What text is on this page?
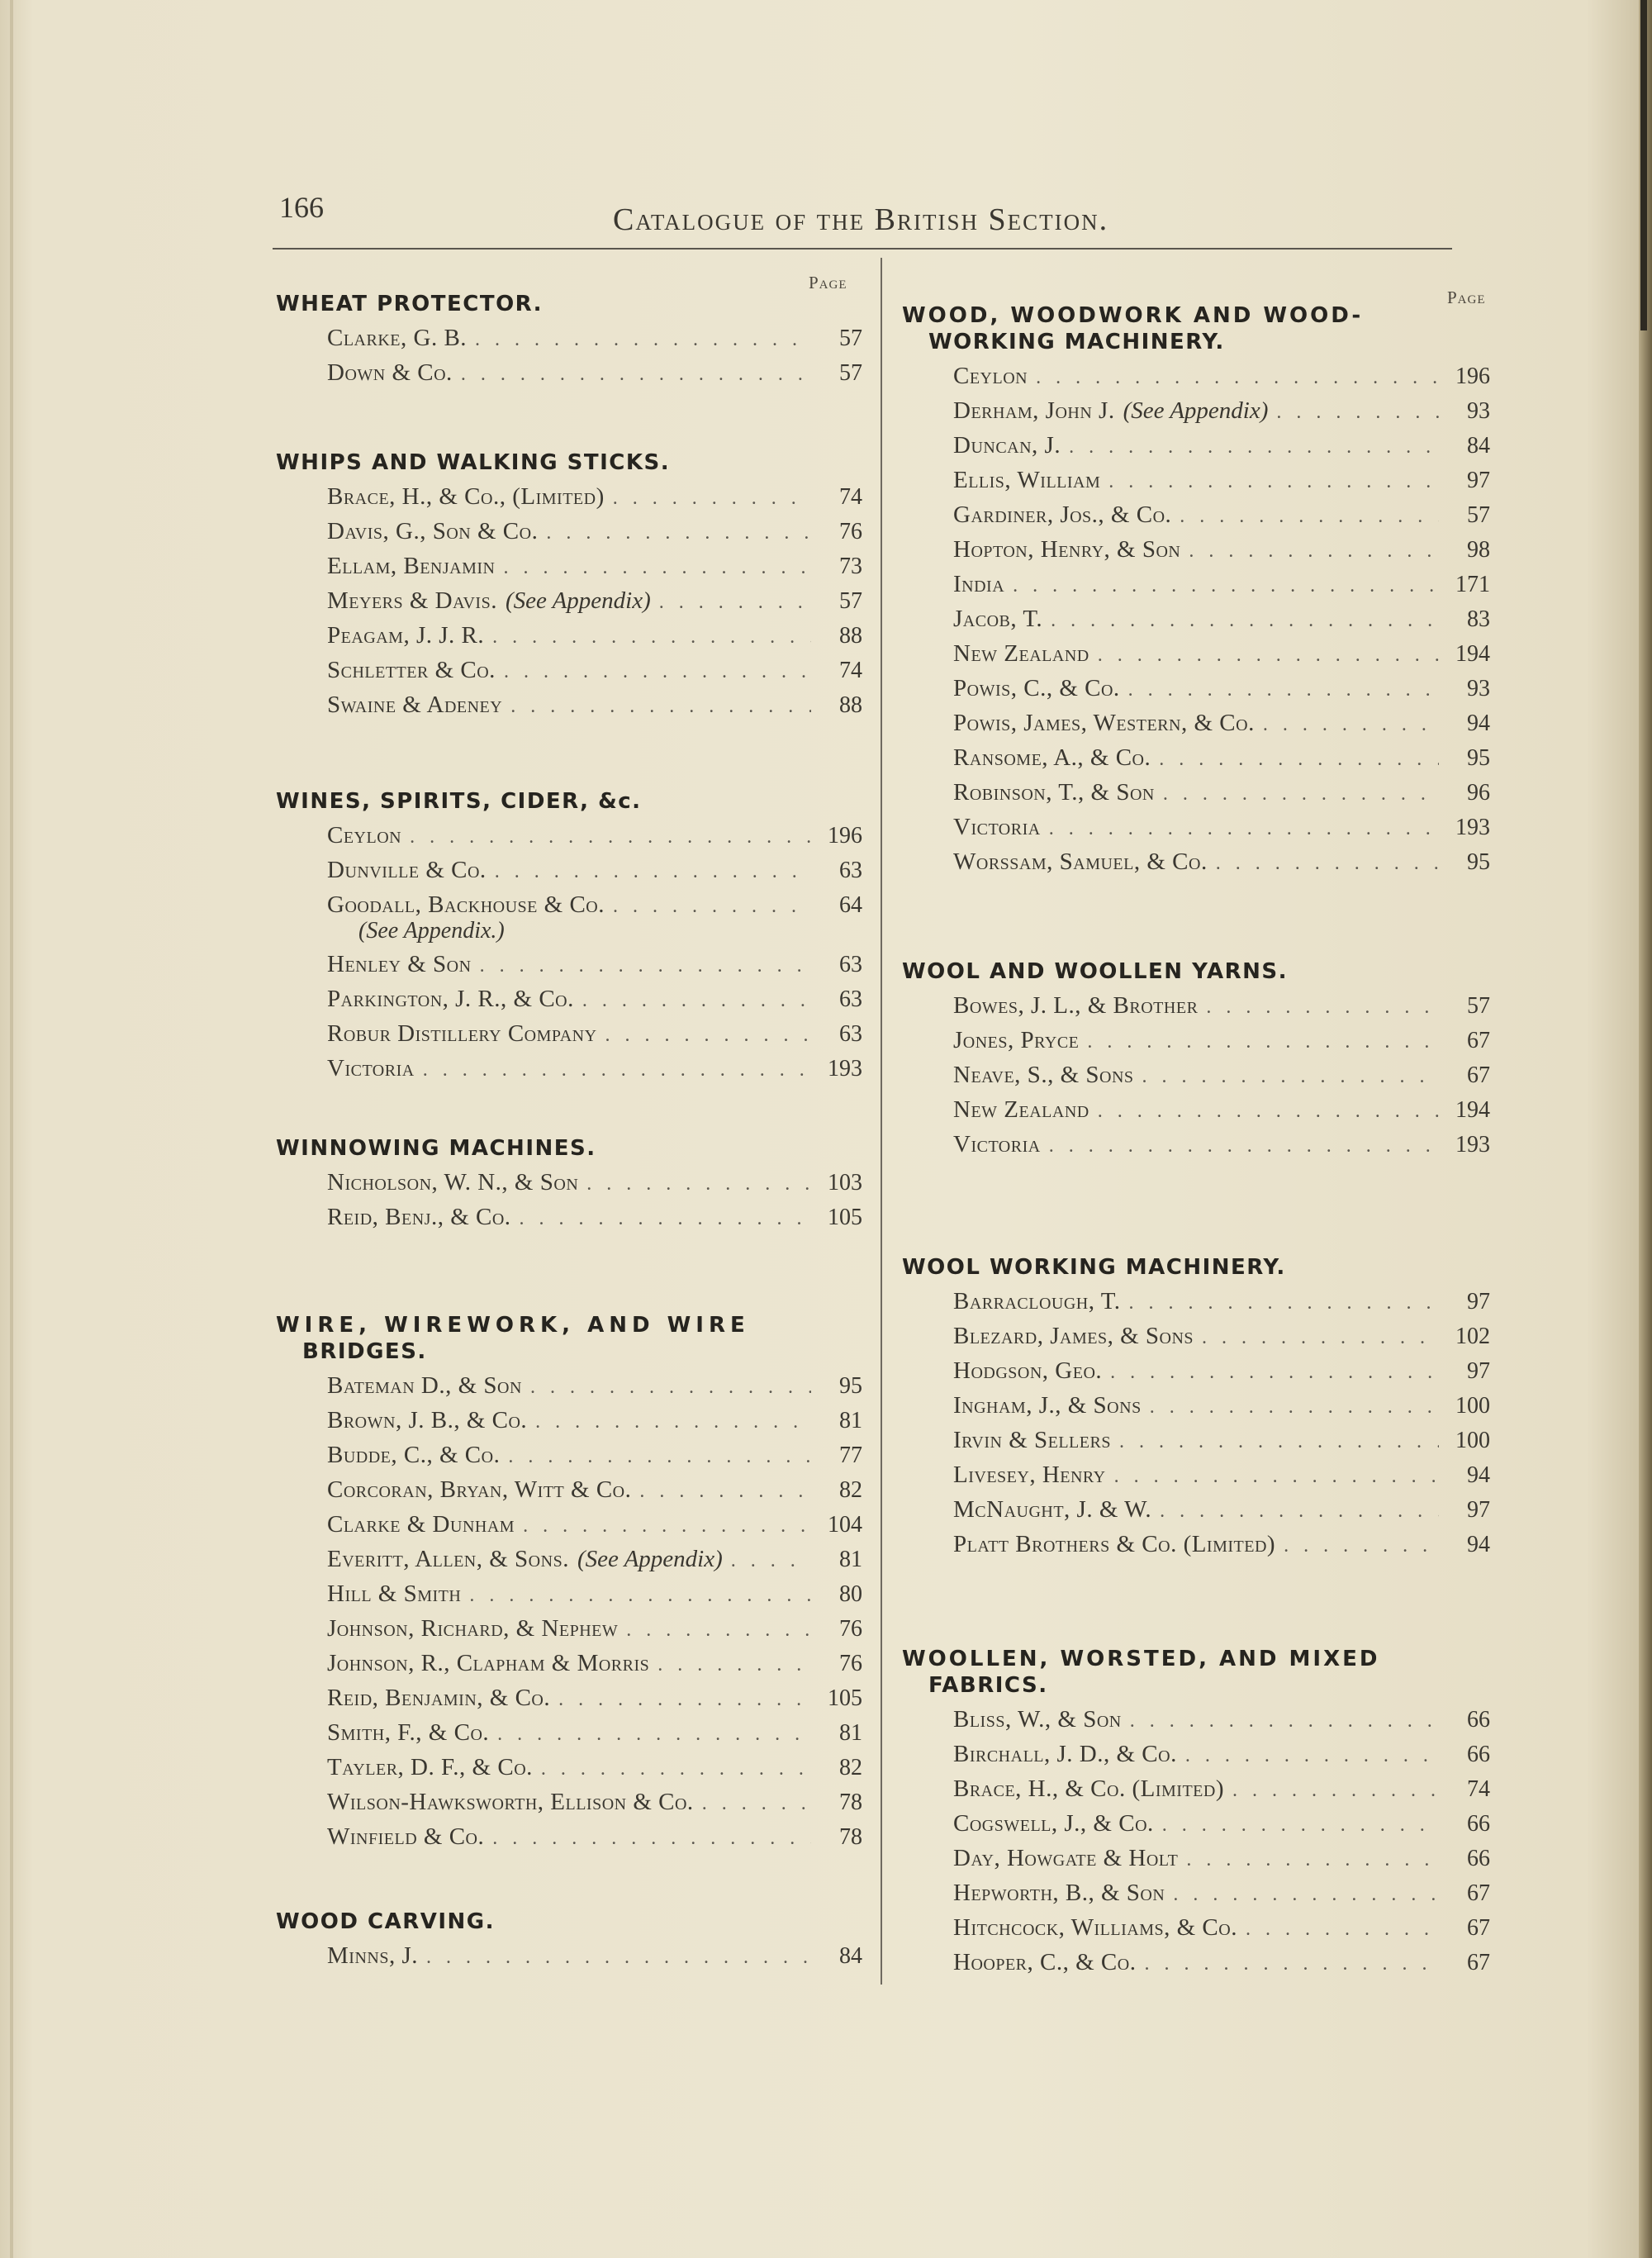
166	Catalogue of the British Section.
Page
WHEAT PROTECTOR.
Clarke, G. B. . . .	57
Down & Co. . . .	57
WHIPS AND WALKING STICKS.
Brace, H., & Co., (Limited) . . .	74
Davis, G., Son & Co. . . .	76
Ellam, Benjamin . . .	73
Meyers & Davis. (See Appendix) . . .	57
Peagam, J. J. R. . . .	88
Schletter & Co. . . .	74
Swaine & Adeney . . .	88
WINES, SPIRITS, CIDER, &c.
Ceylon . . .	196
Dunville & Co. . . .	63
Goodall, Backhouse & Co. . . .	64
(See Appendix.)
Henley & Son . . .	63
Parkington, J. R., & Co. . . .	63
Robur Distillery Company . . .	63
Victoria . . .	193
WINNOWING MACHINES.
Nicholson, W. N., & Son . . .	103
Reid, Benj., & Co. . . .	105
WIRE, WIREWORK, AND WIRE
BRIDGES.
Bateman D., & Son . . .	95
Brown, J. B., & Co. . . .	81
Budde, C., & Co. . . .	77
Corcoran, Bryan, Witt & Co. . . .	82
Clarke & Dunham . . .	104
Everitt, Allen, & Sons. (See Appendix) . . .	81
Hill & Smith . . .	80
Johnson, Richard, & Nephew . . .	76
Johnson, R., Clapham & Morris . . .	76
Reid, Benjamin, & Co. . . .	105
Smith, F., & Co. . . .	81
Tayler, D. F., & Co. . . .	82
Wilson-Hawksworth, Ellison & Co. . . .	78
Winfield & Co. . . .	78
WOOD CARVING.
Minns, J. . . .	84
Page
WOOD, WOODWORK AND WOOD-
WORKING MACHINERY.
Ceylon . . .	196
Derham, John J. (See Appendix) . . .	93
Duncan, J. . . .	84
Ellis, William . . .	97
Gardiner, Jos., & Co. . . .	57
Hopton, Henry, & Son . . .	98
India . . .	171
Jacob, T. . . .	83
New Zealand . . .	194
Powis, C., & Co. . . .	93
Powis, James, Western, & Co. . . .	94
Ransome, A., & Co. . . .	95
Robinson, T., & Son . . .	96
Victoria . . .	193
Worssam, Samuel, & Co. . . .	95
WOOL AND WOOLLEN YARNS.
Bowes, J. L., & Brother . . .	57
Jones, Pryce . . .	67
Neave, S., & Sons . . .	67
New Zealand . . .	194
Victoria . . .	193
WOOL WORKING MACHINERY.
Barraclough, T. . . .	97
Blezard, James, & Sons . . .	102
Hodgson, Geo. . . .	97
Ingham, J., & Sons . . .	100
Irvin & Sellers . . .	100
Livesey, Henry . . .	94
McNaught, J. & W. . . .	97
Platt Brothers & Co. (Limited) . . .	94
WOOLLEN, WORSTED, AND MIXED
FABRICS.
Bliss, W., & Son . . .	66
Birchall, J. D., & Co. . . .	66
Brace, H., & Co. (Limited) . . .	74
Cogswell, J., & Co. . . .	66
Day, Howgate & Holt . . .	66
Hepworth, B., & Son . . .	67
Hitchcock, Williams, & Co. . . .	67
Hooper, C., & Co. . . .	67
